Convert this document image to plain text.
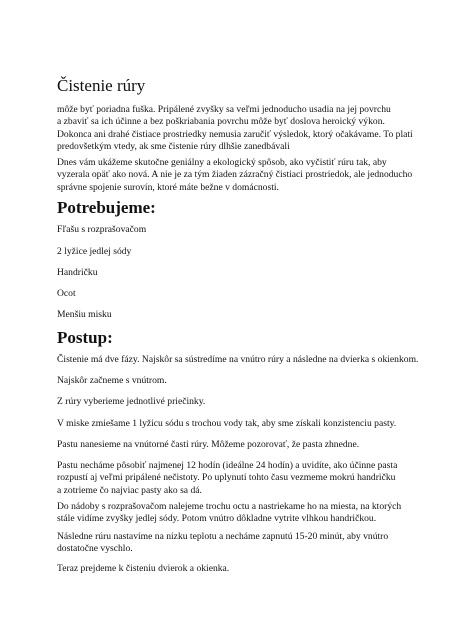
Čistenie rúry

môže byť poriadna fuška. Pripálené zvyšky sa veľmi jednoducho usadia na jej povrchu
a zbaviť sa ich účinne a bez poškriabania povrchu môže byť doslova heroický výkon.
Dokonca ani drahé čistiace prostriedky nemusia zaručiť výsledok, ktorý očakávame. To platí
predovšetkým vtedy, ak sme čistenie rúry dlhšie zanedbávali

Dnes vám ukážeme skutočne geniálny a ekologický spôsob, ako vyčistiť rúru tak, aby
vyzerala opäť ako nová. A nie je za tým žiaden zázračný čistiaci prostriedok, ale jednoducho
správne spojenie surovín, ktoré máte bežne v domácnosti.

Potrebujeme:

Fľašu s rozprašovačom

2 lyžice jedlej sódy

Handričku

Ocot

Menšiu misku

Postup:

Čistenie má dve fázy. Najskôr sa sústredíme na vnútro rúry a následne na dvierka s okienkom.

Najskôr začneme s vnútrom.

Z rúry vyberieme jednotlivé priečinky.

V miske zmiešame 1 lyžicu sódu s trochou vody tak, aby sme získali konzistenciu pasty.

Pastu nanesieme na vnútorné časti rúry. Môžeme pozorovať, že pasta zhnedne.

Pastu necháme pôsobiť najmenej 12 hodín (ideálne 24 hodín) a uvidíte, ako účinne pasta
rozpustí aj veľmi pripálené nečistoty. Po uplynutí tohto času vezmeme mokrú handričku
a zotrieme čo najviac pasty ako sa dá.

Do nádoby s rozprašovačom nalejeme trochu octu a nastriekame ho na miesta, na ktorých
stále vidíme zvyšky jedlej sódy. Potom vnútro dôkladne vytrite vlhkou handričkou.

Následne rúru nastavíme na nízku teplotu a necháme zapnutú 15-20 minút, aby vnútro
dostatočne vyschlo.

Teraz prejdeme k čisteniu dvierok a okienka.
